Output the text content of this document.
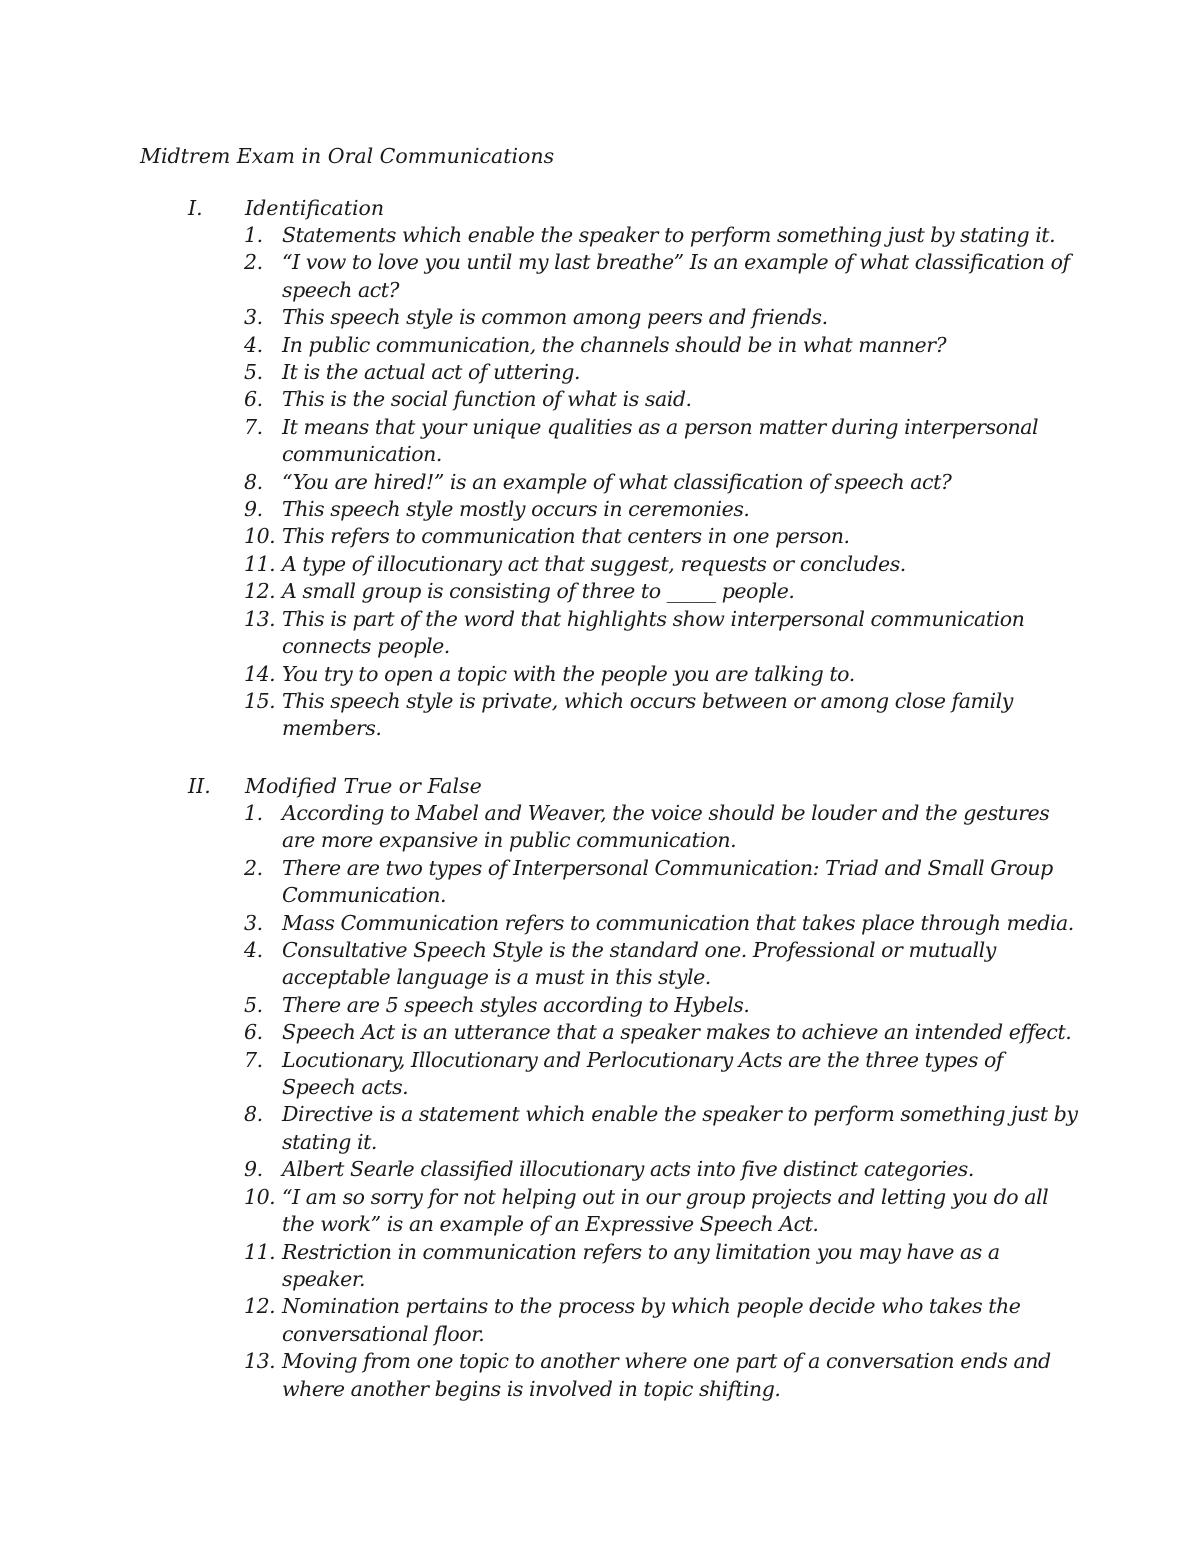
Midtrem Exam in Oral Communications
I.	Identification
1. Statements which enable the speaker to perform something just by stating it.
2. “I vow to love you until my last breathe” Is an example of what classification of speech act?
3. This speech style is common among peers and friends.
4. In public communication, the channels should be in what manner?
5. It is the actual act of uttering.
6. This is the social function of what is said.
7. It means that your unique qualities as a person matter during interpersonal communication.
8. “You are hired!” is an example of what classification of speech act?
9. This speech style mostly occurs in ceremonies.
10. This refers to communication that centers in one person.
11. A type of illocutionary act that suggest, requests or concludes.
12. A small group is consisting of three to _____ people.
13. This is part of the word that highlights show interpersonal communication connects people.
14. You try to open a topic with the people you are talking to.
15. This speech style is private, which occurs between or among close family members.
II.	Modified True or False
1. According to Mabel and Weaver, the voice should be louder and the gestures are more expansive in public communication.
2. There are two types of Interpersonal Communication: Triad and Small Group Communication.
3. Mass Communication refers to communication that takes place through media.
4. Consultative Speech Style is the standard one. Professional or mutually acceptable language is a must in this style.
5. There are 5 speech styles according to Hybels.
6. Speech Act is an utterance that a speaker makes to achieve an intended effect.
7. Locutionary, Illocutionary and Perlocutionary Acts are the three types of Speech acts.
8. Directive is a statement which enable the speaker to perform something just by stating it.
9. Albert Searle classified illocutionary acts into five distinct categories.
10. “I am so sorry for not helping out in our group projects and letting you do all the work” is an example of an Expressive Speech Act.
11. Restriction in communication refers to any limitation you may have as a speaker.
12. Nomination pertains to the process by which people decide who takes the conversational floor.
13. Moving from one topic to another where one part of a conversation ends and where another begins is involved in topic shifting.
